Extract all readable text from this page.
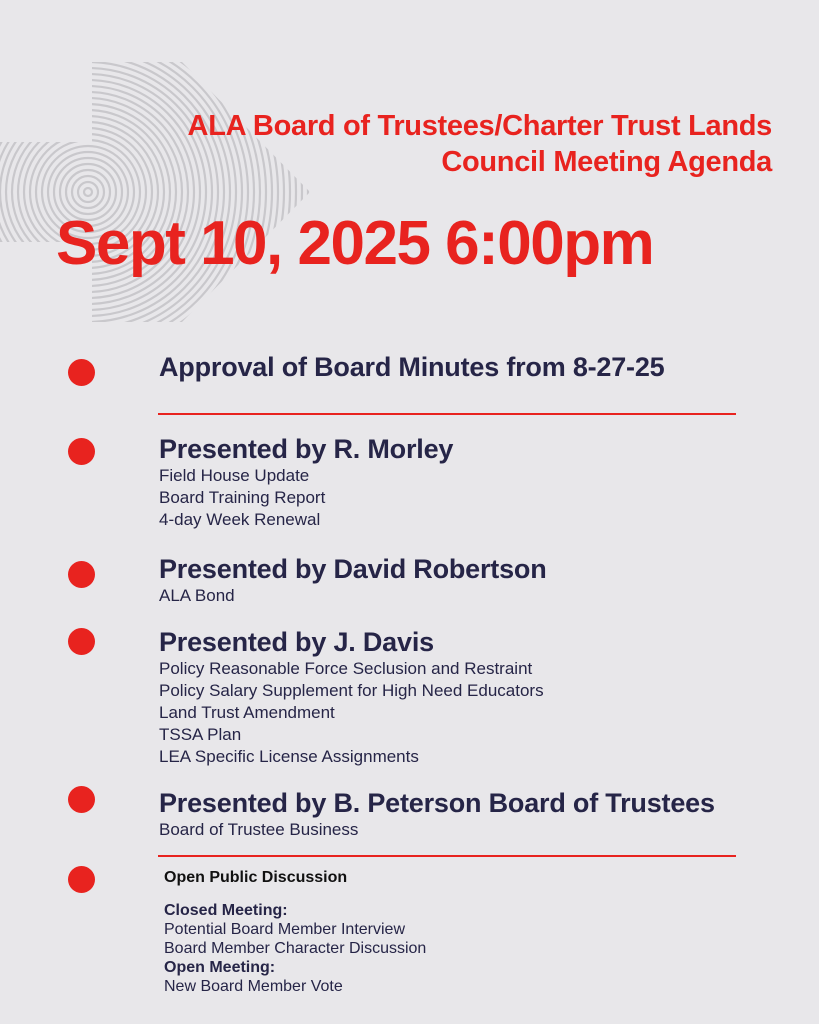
ALA Board of Trustees/Charter Trust Lands
Council Meeting Agenda
Sept 10, 2025 6:00pm
Approval of Board Minutes from 8-27-25
Presented by R. Morley
Field House Update
Board Training Report
4-day Week Renewal
Presented by David Robertson
ALA Bond
Presented by J. Davis
Policy Reasonable Force Seclusion and Restraint
Policy Salary Supplement for High Need Educators
Land Trust Amendment
TSSA Plan
LEA Specific License Assignments
Presented by B. Peterson Board of Trustees
Board of Trustee Business
Open Public Discussion
Closed Meeting:
Potential Board Member Interview
Board Member Character Discussion
Open Meeting:
New Board Member Vote
